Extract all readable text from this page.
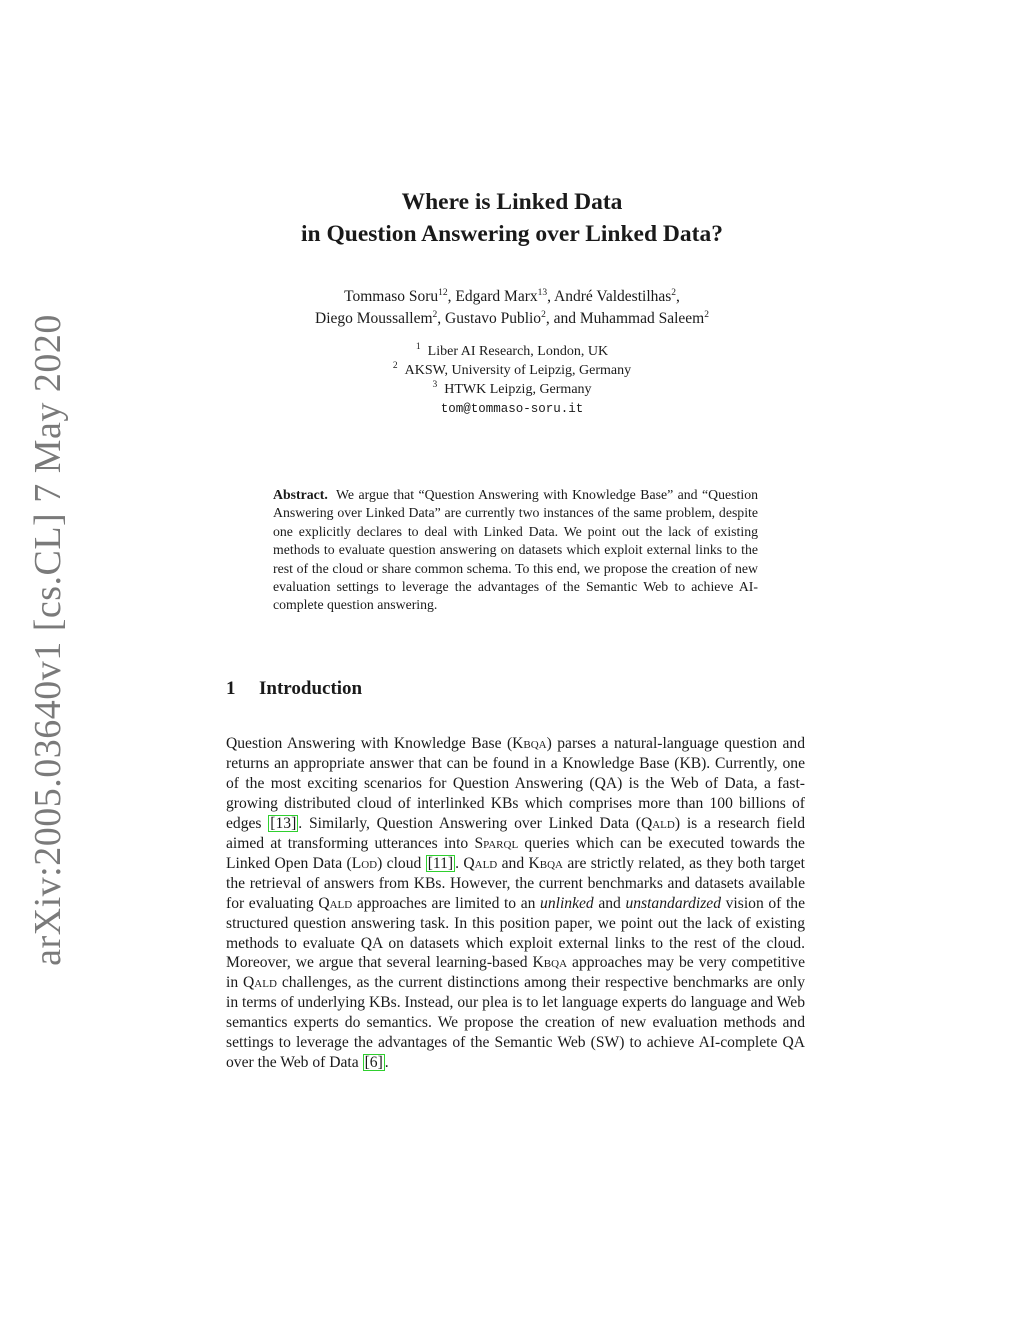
arXiv:2005.03640v1 [cs.CL] 7 May 2020
Where is Linked Data
in Question Answering over Linked Data?
Tommaso Soru$^{12}$, Edgard Marx$^{13}$, André Valdestilhas$^2$,
Diego Moussallem$^2$, Gustavo Publio$^2$, and Muhammad Saleem$^2$
$^1$ Liber AI Research, London, UK
$^2$ AKSW, University of Leipzig, Germany
$^3$ HTWK Leipzig, Germany
tom@tommaso-soru.it
Abstract. We argue that “Question Answering with Knowledge Base” and “Question Answering over Linked Data” are currently two instances of the same problem, despite one explicitly declares to deal with Linked Data. We point out the lack of existing methods to evaluate question answering on datasets which exploit external links to the rest of the cloud or share common schema. To this end, we propose the creation of new evaluation settings to leverage the advantages of the Semantic Web to achieve AI-complete question answering.
1 Introduction
Question Answering with Knowledge Base (Kbqa) parses a natural-language question and returns an appropriate answer that can be found in a Knowledge Base (KB). Currently, one of the most exciting scenarios for Question Answering (QA) is the Web of Data, a fast-growing distributed cloud of interlinked KBs which comprises more than 100 billions of edges [13] . Similarly, Question Answering over Linked Data (Qald) is a research field aimed at transforming utterances into Sparql queries which can be executed towards the Linked Open Data (Lod) cloud [11] . Qald and Kbqa are strictly related, as they both target the retrieval of answers from KBs. However, the current benchmarks and datasets available for evaluating Qald approaches are limited to an unlinked and unstandardized vision of the structured question answering task. In this position paper, we point out the lack of existing methods to evaluate QA on datasets which exploit external links to the rest of the cloud. Moreover, we argue that several learning-based Kbqa approaches may be very competitive in Qald challenges, as the current distinctions among their respective benchmarks are only in terms of underlying KBs. Instead, our plea is to let language experts do language and Web semantics experts do semantics. We propose the creation of new evaluation methods and settings to leverage the advantages of the Semantic Web (SW) to achieve AI-complete QA over the Web of Data [6] .
